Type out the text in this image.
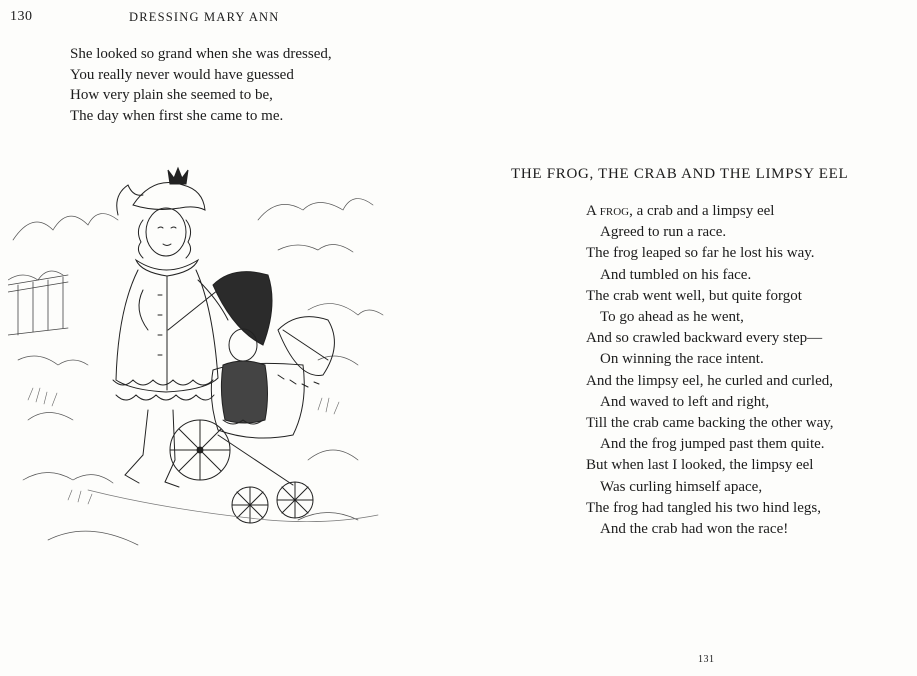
130	DRESSING MARY ANN
She looked so grand when she was dressed,
You really never would have guessed
How very plain she seemed to be,
The day when first she came to me.
THE FROG, THE CRAB AND THE LIMPSY EEL
A frog, a crab and a limpsy eel
Agreed to run a race.
The frog leaped so far he lost his way.
And tumbled on his face.
The crab went well, but quite forgot
To go ahead as he went,
And so crawled backward every step—
On winning the race intent.
And the limpsy eel, he curled and curled,
And waved to left and right,
Till the crab came backing the other way,
And the frog jumped past them quite.
But when last I looked, the limpsy eel
Was curling himself apace,
The frog had tangled his two hind legs,
And the crab had won the race!
131
